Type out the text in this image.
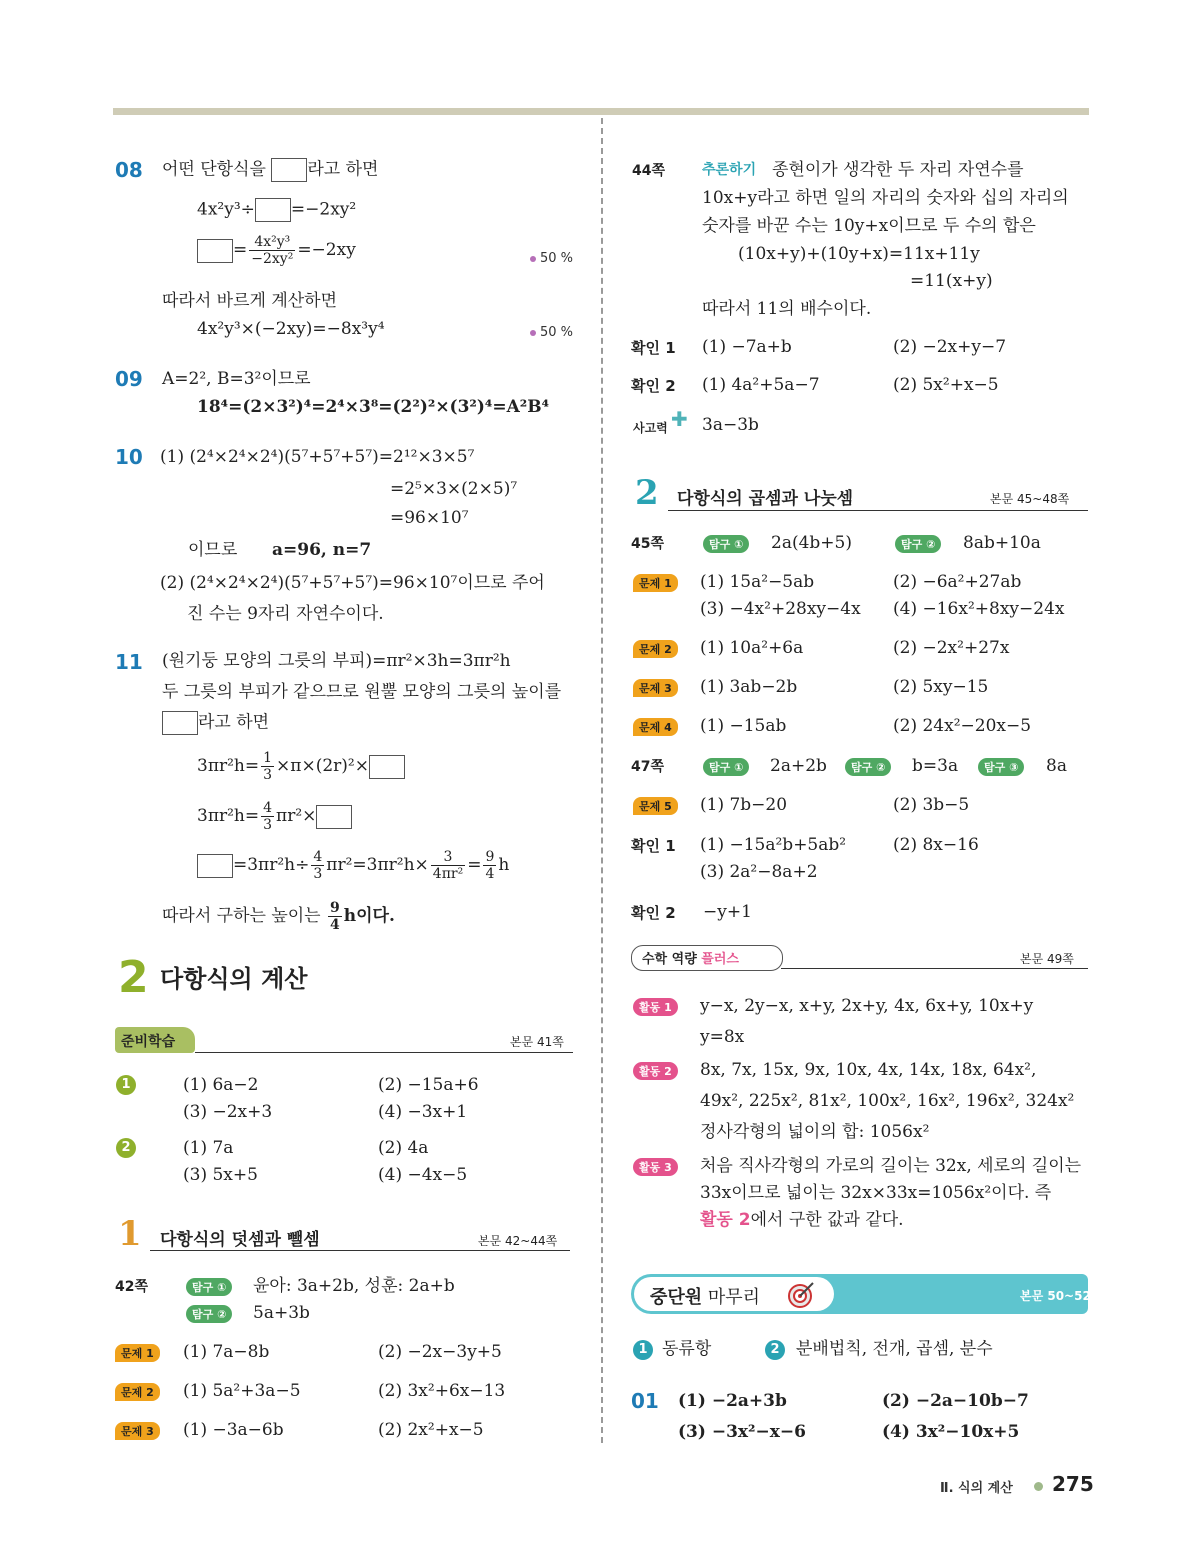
08 어떤 단항식을 라고 하면
4x²y³÷ =−2xy²
= $\frac{\text{4x²y³}}{\text{−2xy²}} =-2xy$	50 %
따라서 바르게 계산하면
4x²y³×(−2xy)=−8x³y⁴	50 %
09 A=2², B=3²이므로
18⁴=(2×3²)⁴=2⁴×3⁸=(2²)²×(3²)⁴=A²B⁴
10 (1) (2⁴×2⁴×2⁴)(5⁷+5⁷+5⁷)=2¹²×3×5⁷
=2⁵×3×(2×5)⁷
=96×10⁷
이므로 a=96, n=7
(2) (2⁴×2⁴×2⁴)(5⁷+5⁷+5⁷)=96×10⁷이므로 주어
진 수는 9자리 자연수이다.
11 (원기둥 모양의 그릇의 부피)=πr²×3h=3πr²h
두 그릇의 부피가 같으므로 원뿔 모양의 그릇의 높이를
라고 하면
$3\pi r^2h= \frac{1}{3} \times\pi\times(2r)^2\times$
$3\pi r^2h= \frac{4}{3} \pi r^2\times$
$=3\pi r^2h\div \frac{4}{3} \pi r^2=3\pi r^2h\times \frac{3}{\text{4πr²}} = \frac{9}{4}$ h
따라서 구하는 높이는 $\frac{9}{4}$ h이다.
2 다항식의 계산
준비학습	본문 41쪽
1	(1) 6a−2	(2) −15a+6
(3) −2x+3	(4) −3x+1
2	(1) 7a	(2) 4a
(3) 5x+5	(4) −4x−5
1 다항식의 덧셈과 뺄셈	본문 42~44쪽
42쪽	탐구 ①	윤아: 3a+2b, 성훈: 2a+b
탐구 ②	5a+3b
문제 1	(1) 7a−8b	(2) −2x−3y+5
문제 2	(1) 5a²+3a−5	(2) 3x²+6x−13
문제 3	(1) −3a−6b	(2) 2x²+x−5
44쪽	추론하기 종현이가 생각한 두 자리 자연수를
10x+y라고 하면 일의 자리의 숫자와 십의 자리의
숫자를 바꾼 수는 10y+x이므로 두 수의 합은
(10x+y)+(10y+x)=11x+11y
=11(x+y)
따라서 11의 배수이다.
확인 1 (1) −7a+b	(2) −2x+y−7
확인 2 (1) 4a²+5a−7	(2) 5x²+x−5
사고력 ✚ 3a−3b
2 다항식의 곱셈과 나눗셈	본문 45~48쪽
45쪽	탐구 ①	2a(4b+5)	탐구 ②	8ab+10a
문제 1	(1) 15a²−5ab	(2) −6a²+27ab
(3) −4x²+28xy−4x (4) −16x²+8xy−24x
문제 2	(1) 10a²+6a	(2) −2x²+27x
문제 3	(1) 3ab−2b	(2) 5xy−15
문제 4	(1) −15ab	(2) 24x²−20x−5
47쪽	탐구 ①	2a+2b	탐구 ②	b=3a	탐구 ③	8a
문제 5	(1) 7b−20	(2) 3b−5
확인 1 (1) −15a²b+5ab²	(2) 8x−16
(3) 2a²−8a+2
확인 2 −y+1
수학 역량 플러스	본문 49쪽
활동 1	y−x, 2y−x, x+y, 2x+y, 4x, 6x+y, 10x+y
y=8x
활동 2	8x, 7x, 15x, 9x, 10x, 4x, 14x, 18x, 64x²,
49x², 225x², 81x², 100x², 16x², 196x², 324x²
정사각형의 넓이의 합: 1056x²
활동 3	처음 직사각형의 가로의 길이는 32x, 세로의 길이는
33x이므로 넓이는 32x×33x=1056x²이다. 즉
활동 2에서 구한 값과 같다.
중단원 마무리	본문 50~52쪽
1 동류항	2 분배법칙, 전개, 곱셈, 분수
01 (1) −2a+3b	(2) −2a−10b−7
(3) −3x²−x−6	(4) 3x²−10x+5
Ⅱ. 식의 계산 275
